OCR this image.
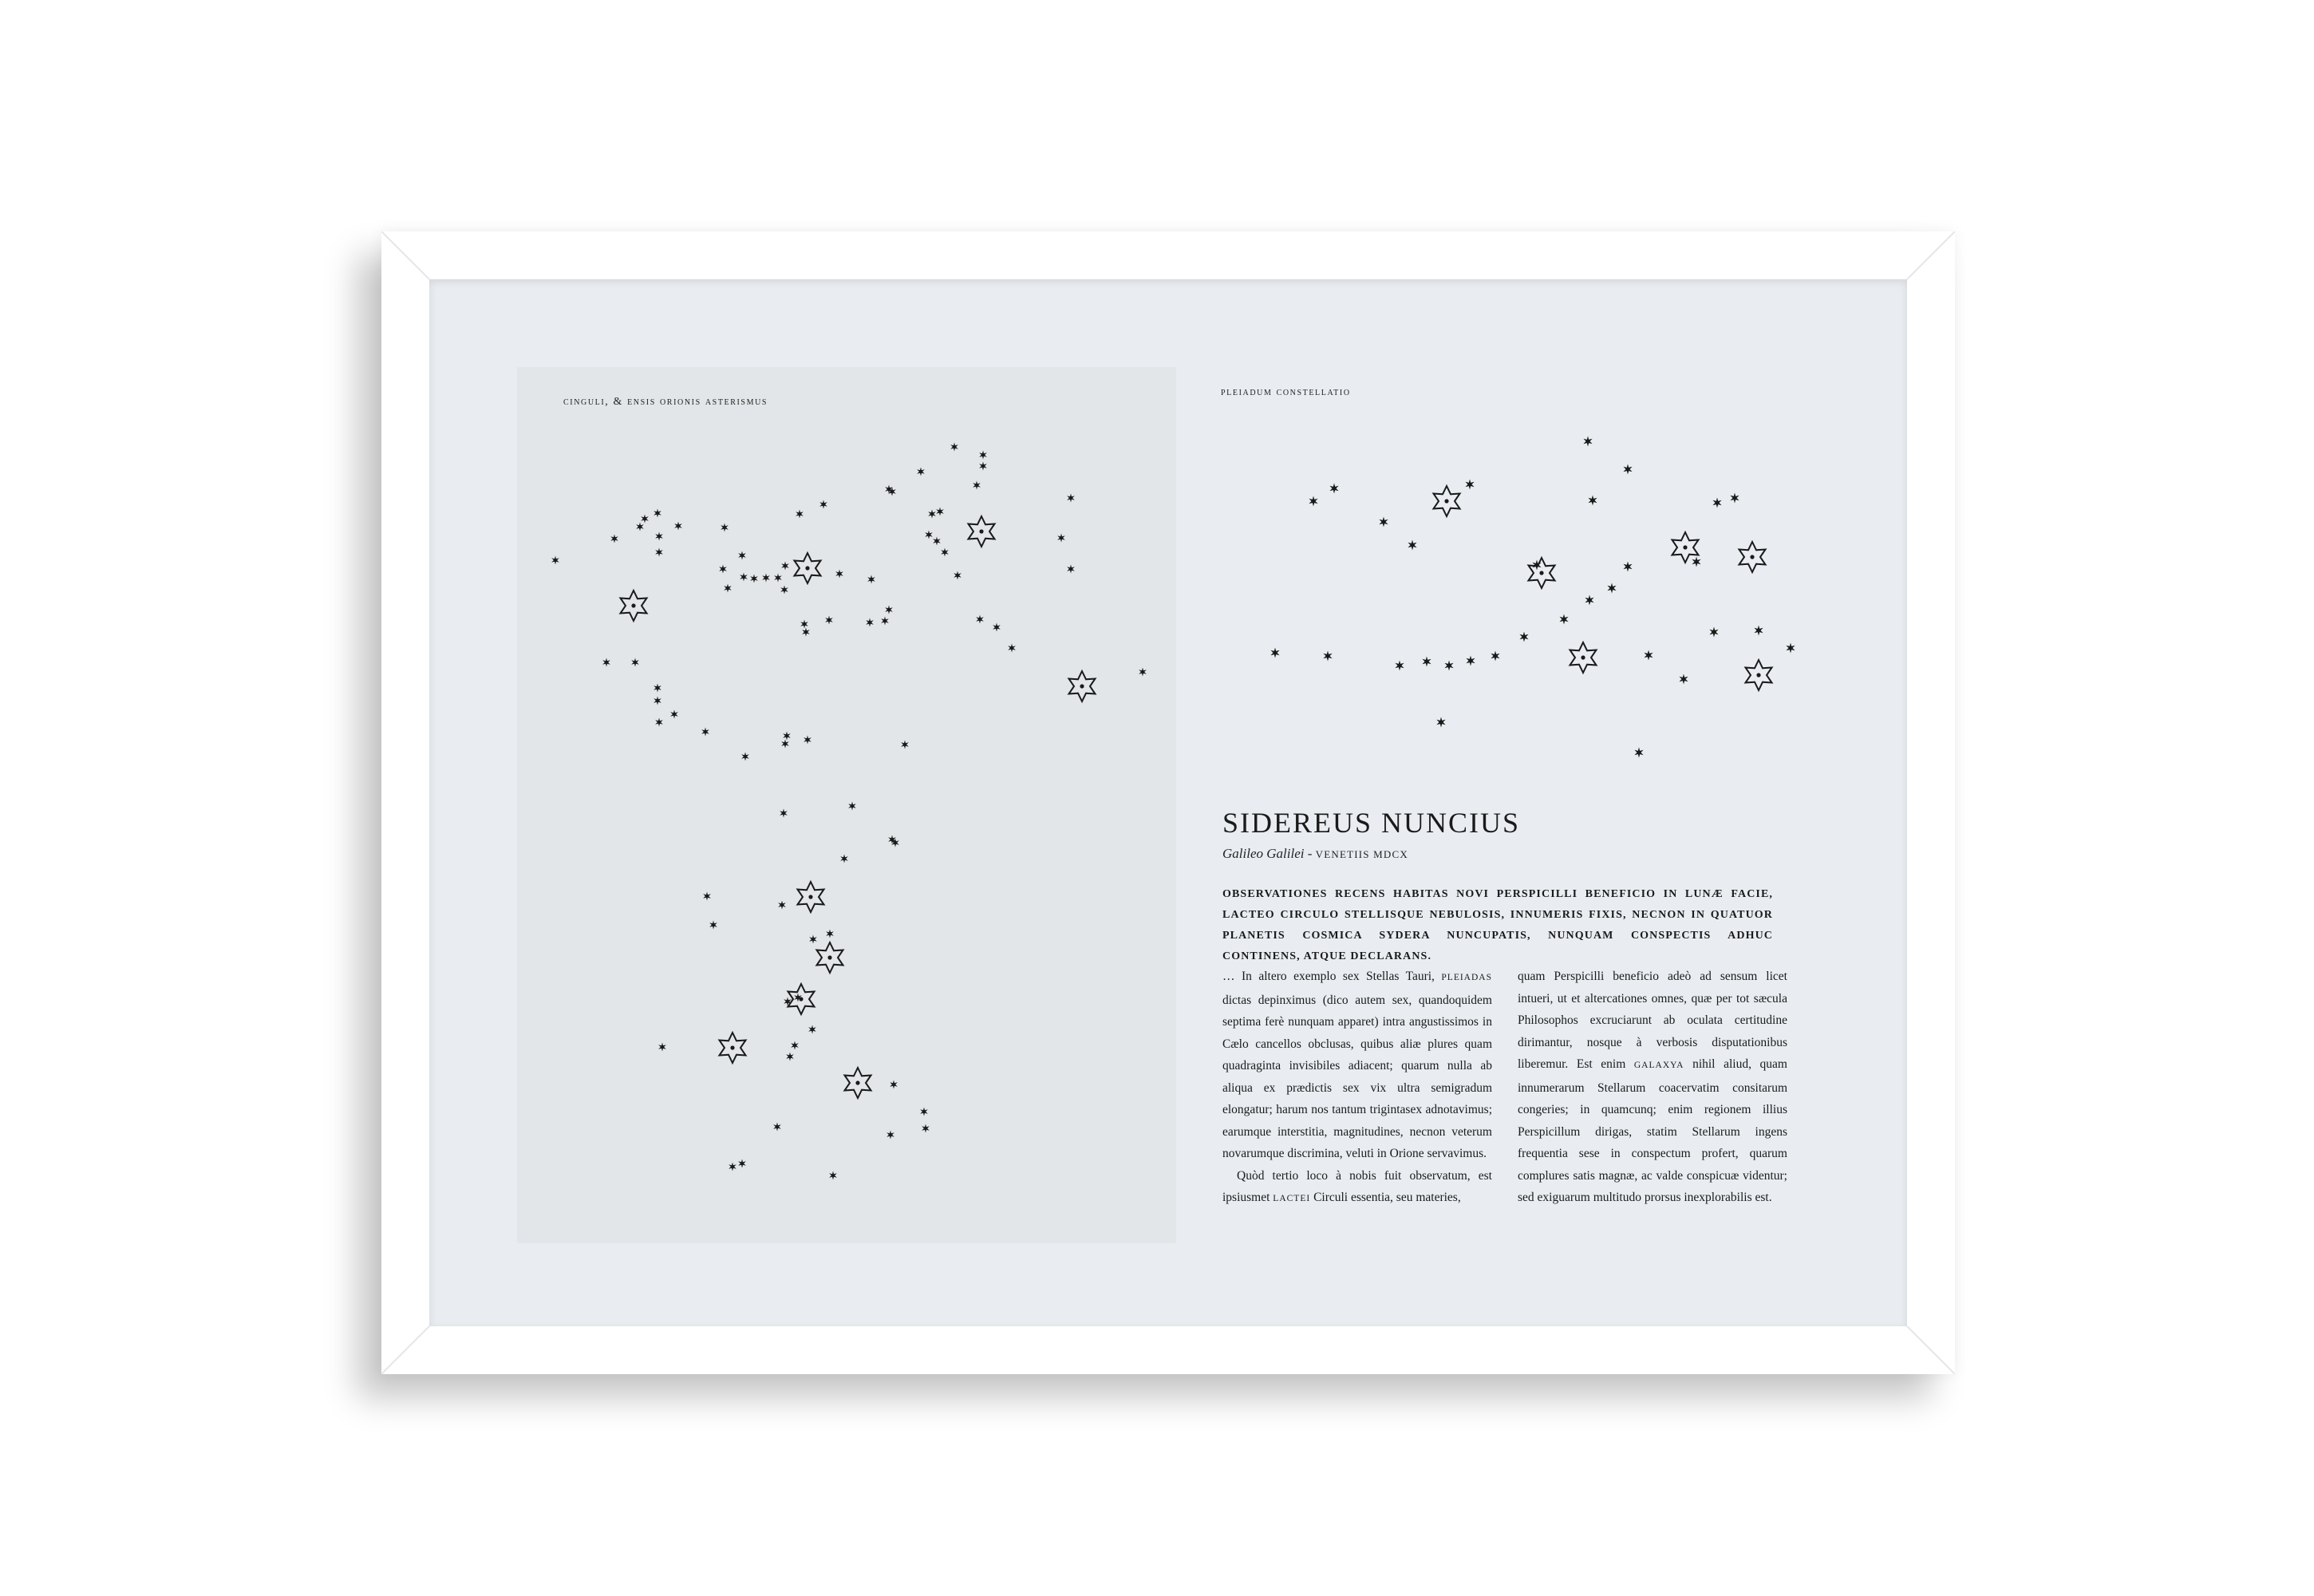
cinguli, & ensis orionis asterismus
pleiadum constellatio
SIDEREUS NUNCIUS
Galileo Galilei - VENETIIS MDCX
OBSERVATIONES RECENS HABITAS NOVI PERSPICILLI BENEFICIO IN LUNÆ FACIE, LACTEO CIRCULO STELLISQUE NEBULOSIS, INNUMERIS FIXIS, NECNON IN QUATUOR PLANETIS COSMICA SYDERA NUNCUPATIS, NUNQUAM CONSPECTIS ADHUC CONTINENS, ATQUE DECLARANS.

… In altero exemplo sex Stellas Tauri, PLEIADAS dictas depinximus (dico autem sex, quandoquidem septima ferè nunquam apparet) intra angustissimos in Cælo cancellos obclusas, quibus aliæ plures quam quadraginta invisibiles adiacent; quarum nulla ab aliqua ex prædictis sex vix ultra semigradum elongatur; harum nos tantum trigintasex adnotavimus; earumque interstitia, magnitudines, necnon veterum novarumque discrimina, veluti in Orione servavimus.

Quòd tertio loco à nobis fuit observatum, est ipsiusmet LACTEI Circuli essentia, seu materies,

quam Perspicilli beneficio adeò ad sensum licet intueri, ut et altercationes omnes, quæ per tot sæcula Philosophos excruciarunt ab oculata certitudine dirimantur, nosque à verbosis disputationibus liberemur. Est enim GALAXYA nihil aliud, quam innumerarum Stellarum coacervatim consitarum congeries; in quamcunq; enim regionem illius Perspicillum dirigas, statim Stellarum ingens frequentia sese in conspectum profert, quarum complures satis magnæ, ac valde conspicuæ videntur; sed exiguarum multitudo prorsus inexplorabilis est.
